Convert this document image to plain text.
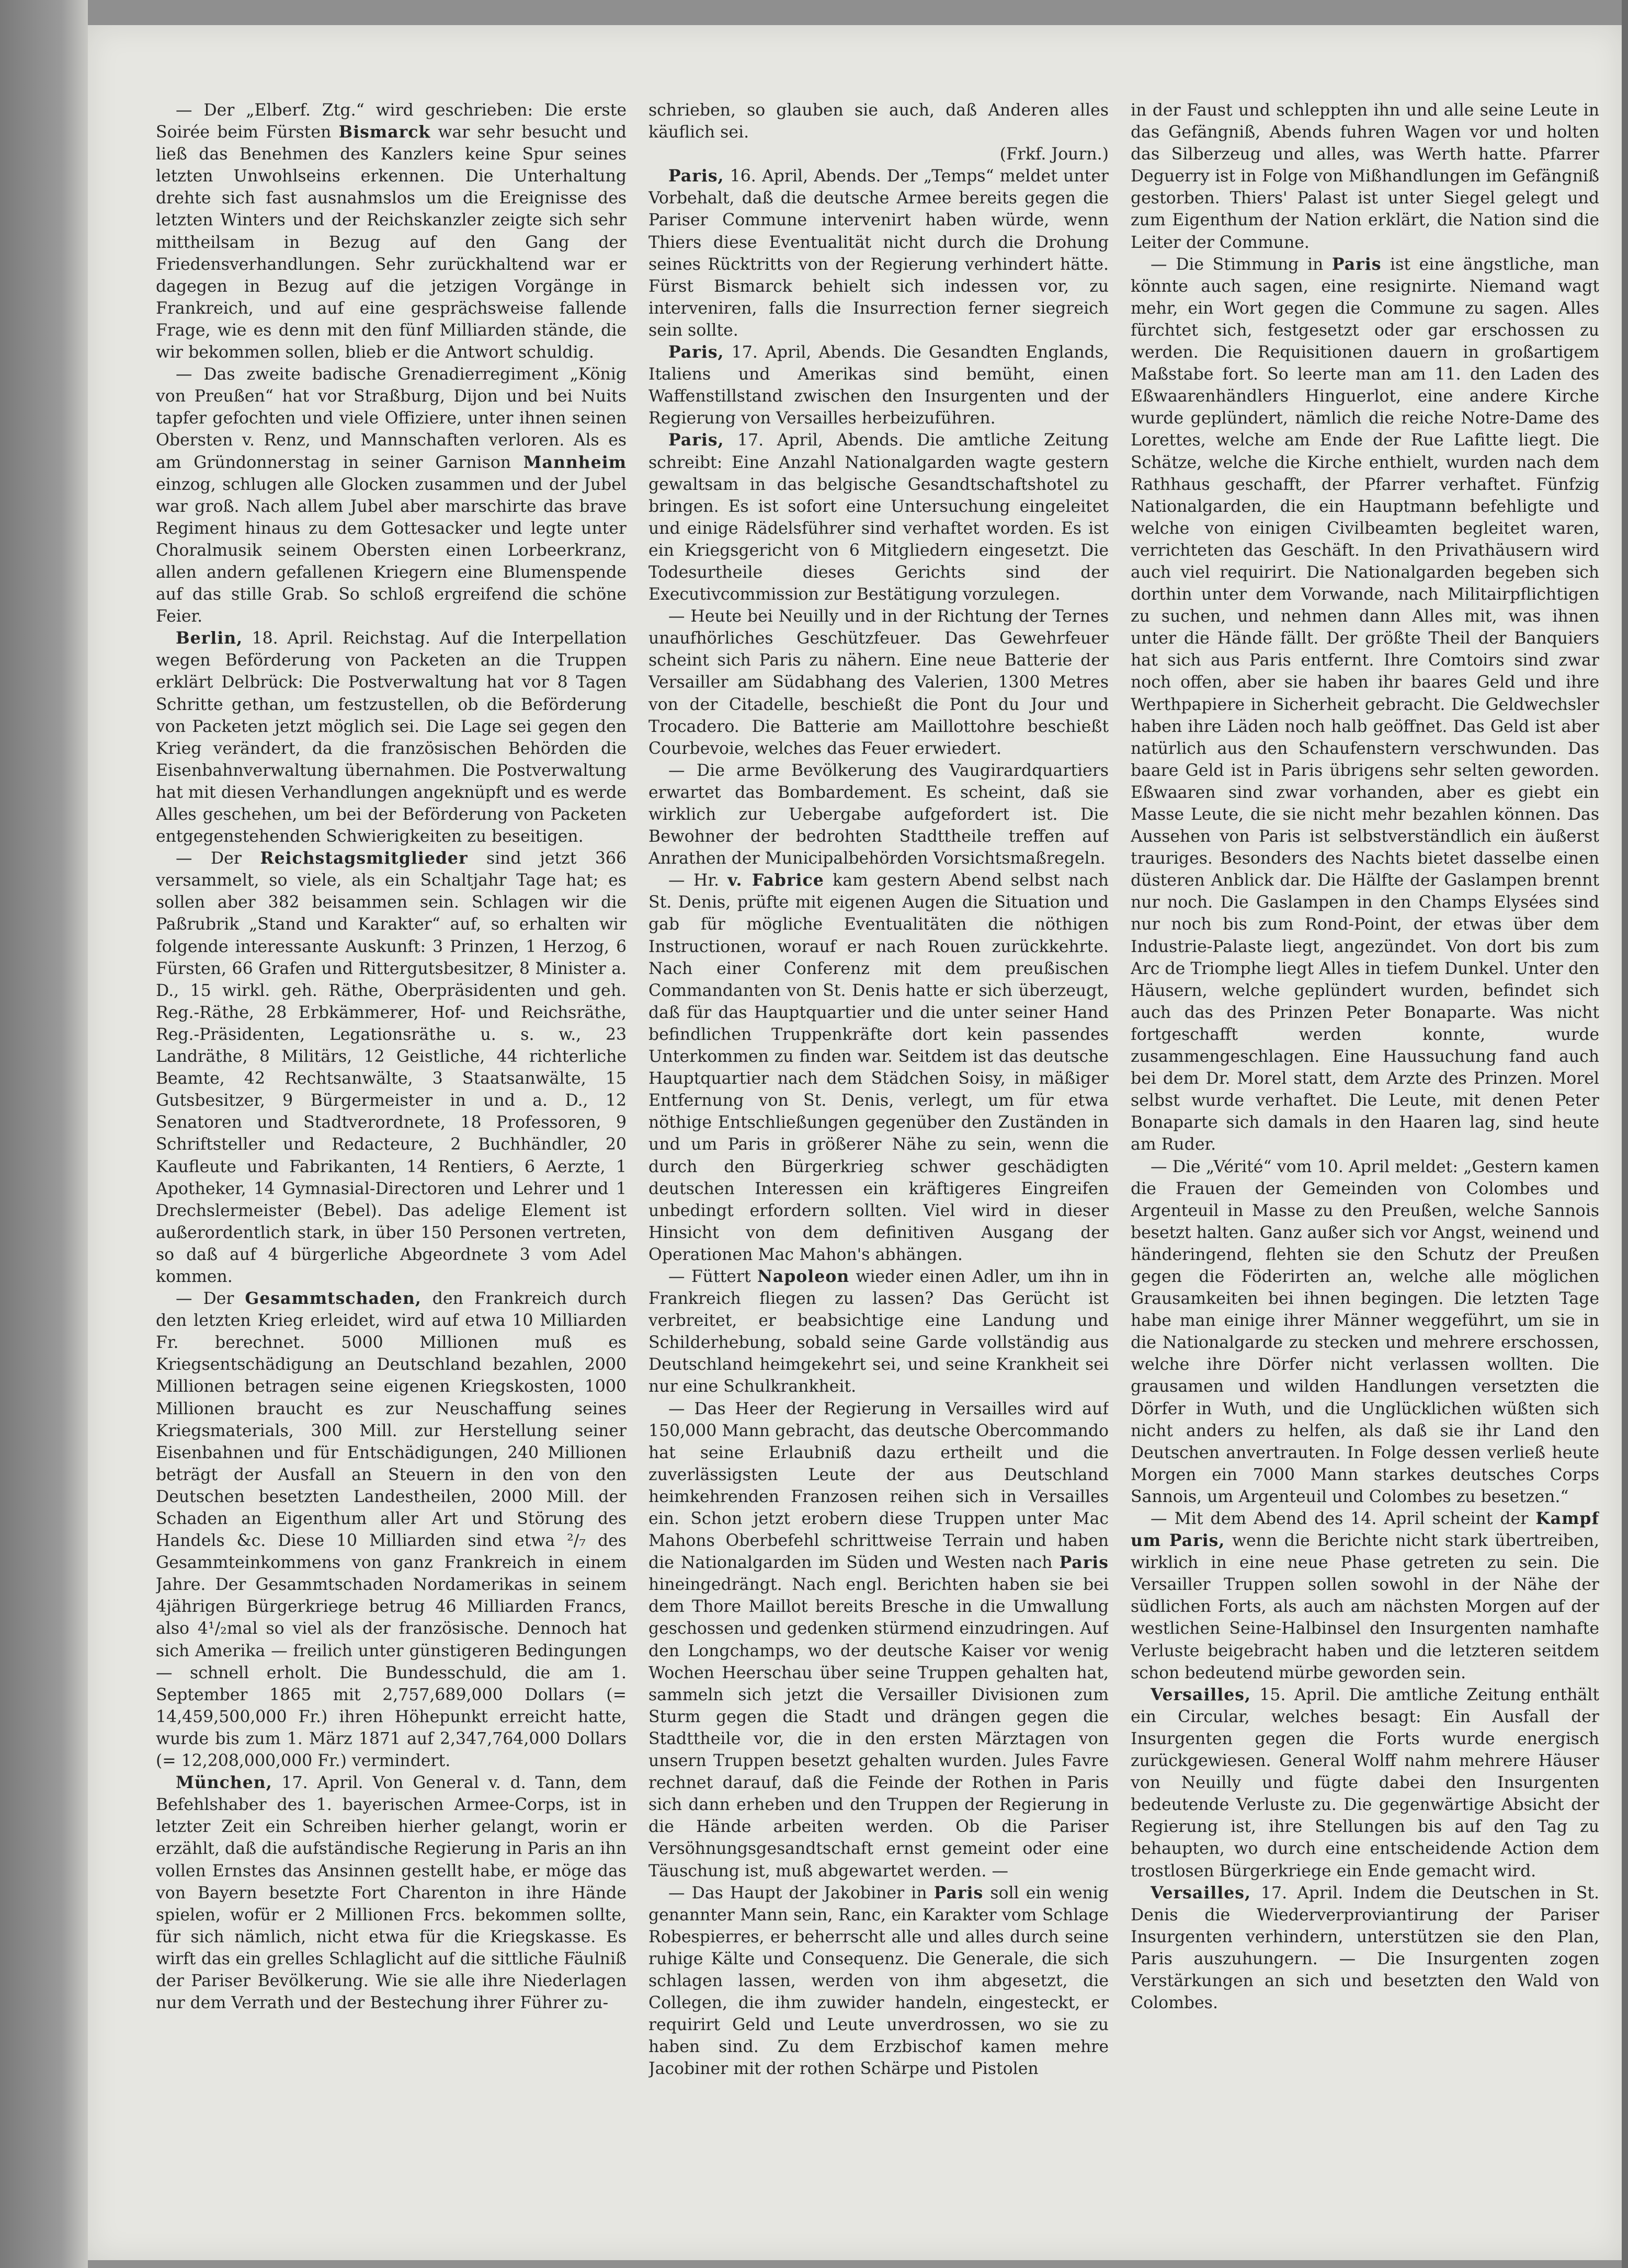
— Der „Elberf. Ztg.“ wird geschrieben: Die erste Soirée beim Fürsten Bismarck war sehr besucht und ließ das Benehmen des Kanzlers keine Spur seines letzten Unwohlseins erkennen. Die Unterhaltung drehte sich fast ausnahmslos um die Ereignisse des letzten Winters und der Reichskanzler zeigte sich sehr mittheilsam in Bezug auf den Gang der Friedensverhandlungen. Sehr zurückhaltend war er dagegen in Bezug auf die jetzigen Vorgänge in Frankreich, und auf eine gesprächsweise fallende Frage, wie es denn mit den fünf Milliarden stände, die wir bekommen sollen, blieb er die Antwort schuldig.

— Das zweite badische Grenadierregiment „König von Preußen“ hat vor Straßburg, Dijon und bei Nuits tapfer gefochten und viele Offiziere, unter ihnen seinen Obersten v. Renz, und Mannschaften verloren. Als es am Gründonnerstag in seiner Garnison Mannheim einzog, schlugen alle Glocken zusammen und der Jubel war groß. Nach allem Jubel aber marschirte das brave Regiment hinaus zu dem Gottesacker und legte unter Choralmusik seinem Obersten einen Lorbeerkranz, allen andern gefallenen Kriegern eine Blumenspende auf das stille Grab. So schloß ergreifend die schöne Feier.

Berlin, 18. April. Reichstag. Auf die Interpellation wegen Beförderung von Packeten an die Truppen erklärt Delbrück: Die Postverwaltung hat vor 8 Tagen Schritte gethan, um festzustellen, ob die Beförderung von Packeten jetzt möglich sei. Die Lage sei gegen den Krieg verändert, da die französischen Behörden die Eisenbahnverwaltung übernahmen. Die Postverwaltung hat mit diesen Verhandlungen angeknüpft und es werde Alles geschehen, um bei der Beförderung von Packeten entgegenstehenden Schwierigkeiten zu beseitigen.

— Der Reichstagsmitglieder sind jetzt 366 versammelt, so viele, als ein Schaltjahr Tage hat; es sollen aber 382 beisammen sein. Schlagen wir die Paßrubrik „Stand und Karakter“ auf, so erhalten wir folgende interessante Auskunft: 3 Prinzen, 1 Herzog, 6 Fürsten, 66 Grafen und Rittergutsbesitzer, 8 Minister a. D., 15 wirkl. geh. Räthe, Oberpräsidenten und geh. Reg.-Räthe, 28 Erbkämmerer, Hof- und Reichsräthe, Reg.-Präsidenten, Legationsräthe u. s. w., 23 Landräthe, 8 Militärs, 12 Geistliche, 44 richterliche Beamte, 42 Rechtsanwälte, 3 Staatsanwälte, 15 Gutsbesitzer, 9 Bürgermeister in und a. D., 12 Senatoren und Stadtverordnete, 18 Professoren, 9 Schriftsteller und Redacteure, 2 Buchhändler, 20 Kaufleute und Fabrikanten, 14 Rentiers, 6 Aerzte, 1 Apotheker, 14 Gymnasial-Directoren und Lehrer und 1 Drechslermeister (Bebel). Das adelige Element ist außerordentlich stark, in über 150 Personen vertreten, so daß auf 4 bürgerliche Abgeordnete 3 vom Adel kommen.

— Der Gesammtschaden, den Frankreich durch den letzten Krieg erleidet, wird auf etwa 10 Milliarden Fr. berechnet. 5000 Millionen muß es Kriegsentschädigung an Deutschland bezahlen, 2000 Millionen betragen seine eigenen Kriegskosten, 1000 Millionen braucht es zur Neuschaffung seines Kriegsmaterials, 300 Mill. zur Herstellung seiner Eisenbahnen und für Entschädigungen, 240 Millionen beträgt der Ausfall an Steuern in den von den Deutschen besetzten Landestheilen, 2000 Mill. der Schaden an Eigenthum aller Art und Störung des Handels &c. Diese 10 Milliarden sind etwa ²/₇ des Gesammteinkommens von ganz Frankreich in einem Jahre. Der Gesammtschaden Nordamerikas in seinem 4jährigen Bürgerkriege betrug 46 Milliarden Francs, also 4¹/₂mal so viel als der französische. Dennoch hat sich Amerika — freilich unter günstigeren Bedingungen — schnell erholt. Die Bundesschuld, die am 1. September 1865 mit 2,757,689,000 Dollars (= 14,459,500,000 Fr.) ihren Höhepunkt erreicht hatte, wurde bis zum 1. März 1871 auf 2,347,764,000 Dollars (= 12,208,000,000 Fr.) vermindert.

München, 17. April. Von General v. d. Tann, dem Befehlshaber des 1. bayerischen Armee-Corps, ist in letzter Zeit ein Schreiben hierher gelangt, worin er erzählt, daß die aufständische Regierung in Paris an ihn vollen Ernstes das Ansinnen gestellt habe, er möge das von Bayern besetzte Fort Charenton in ihre Hände spielen, wofür er 2 Millionen Frcs. bekommen sollte, für sich nämlich, nicht etwa für die Kriegskasse. Es wirft das ein grelles Schlaglicht auf die sittliche Fäulniß der Pariser Bevölkerung. Wie sie alle ihre Niederlagen nur dem Verrath und der Bestechung ihrer Führer zu-

schrieben, so glauben sie auch, daß Anderen alles käuflich sei.
(Frkf. Journ.)

Paris, 16. April, Abends. Der „Temps“ meldet unter Vorbehalt, daß die deutsche Armee bereits gegen die Pariser Commune intervenirt haben würde, wenn Thiers diese Eventualität nicht durch die Drohung seines Rücktritts von der Regierung verhindert hätte. Fürst Bismarck behielt sich indessen vor, zu interveniren, falls die Insurrection ferner siegreich sein sollte.

Paris, 17. April, Abends. Die Gesandten Englands, Italiens und Amerikas sind bemüht, einen Waffenstillstand zwischen den Insurgenten und der Regierung von Versailles herbeizuführen.

Paris, 17. April, Abends. Die amtliche Zeitung schreibt: Eine Anzahl Nationalgarden wagte gestern gewaltsam in das belgische Gesandtschaftshotel zu bringen. Es ist sofort eine Untersuchung eingeleitet und einige Rädelsführer sind verhaftet worden. Es ist ein Kriegsgericht von 6 Mitgliedern eingesetzt. Die Todesurtheile dieses Gerichts sind der Executivcommission zur Bestätigung vorzulegen.

— Heute bei Neuilly und in der Richtung der Ternes unaufhörliches Geschützfeuer. Das Gewehrfeuer scheint sich Paris zu nähern. Eine neue Batterie der Versailler am Südabhang des Valerien, 1300 Metres von der Citadelle, beschießt die Pont du Jour und Trocadero. Die Batterie am Maillottohre beschießt Courbevoie, welches das Feuer erwiedert.

— Die arme Bevölkerung des Vaugirardquartiers erwartet das Bombardement. Es scheint, daß sie wirklich zur Uebergabe aufgefordert ist. Die Bewohner der bedrohten Stadttheile treffen auf Anrathen der Municipalbehörden Vorsichtsmaßregeln.

— Hr. v. Fabrice kam gestern Abend selbst nach St. Denis, prüfte mit eigenen Augen die Situation und gab für mögliche Eventualitäten die nöthigen Instructionen, worauf er nach Rouen zurückkehrte. Nach einer Conferenz mit dem preußischen Commandanten von St. Denis hatte er sich überzeugt, daß für das Hauptquartier und die unter seiner Hand befindlichen Truppenkräfte dort kein passendes Unterkommen zu finden war. Seitdem ist das deutsche Hauptquartier nach dem Städchen Soisy, in mäßiger Entfernung von St. Denis, verlegt, um für etwa nöthige Entschließungen gegenüber den Zuständen in und um Paris in größerer Nähe zu sein, wenn die durch den Bürgerkrieg schwer geschädigten deutschen Interessen ein kräftigeres Eingreifen unbedingt erfordern sollten. Viel wird in dieser Hinsicht von dem definitiven Ausgang der Operationen Mac Mahon's abhängen.

— Füttert Napoleon wieder einen Adler, um ihn in Frankreich fliegen zu lassen? Das Gerücht ist verbreitet, er beabsichtige eine Landung und Schilderhebung, sobald seine Garde vollständig aus Deutschland heimgekehrt sei, und seine Krankheit sei nur eine Schulkrankheit.

— Das Heer der Regierung in Versailles wird auf 150,000 Mann gebracht, das deutsche Obercommando hat seine Erlaubniß dazu ertheilt und die zuverlässigsten Leute der aus Deutschland heimkehrenden Franzosen reihen sich in Versailles ein. Schon jetzt erobern diese Truppen unter Mac Mahons Oberbefehl schrittweise Terrain und haben die Nationalgarden im Süden und Westen nach Paris hineingedrängt. Nach engl. Berichten haben sie bei dem Thore Maillot bereits Bresche in die Umwallung geschossen und gedenken stürmend einzudringen. Auf den Longchamps, wo der deutsche Kaiser vor wenig Wochen Heerschau über seine Truppen gehalten hat, sammeln sich jetzt die Versailler Divisionen zum Sturm gegen die Stadt und drängen gegen die Stadttheile vor, die in den ersten Märztagen von unsern Truppen besetzt gehalten wurden. Jules Favre rechnet darauf, daß die Feinde der Rothen in Paris sich dann erheben und den Truppen der Regierung in die Hände arbeiten werden. Ob die Pariser Versöhnungsgesandtschaft ernst gemeint oder eine Täuschung ist, muß abgewartet werden. —

— Das Haupt der Jakobiner in Paris soll ein wenig genannter Mann sein, Ranc, ein Karakter vom Schlage Robespierres, er beherrscht alle und alles durch seine ruhige Kälte und Consequenz. Die Generale, die sich schlagen lassen, werden von ihm abgesetzt, die Collegen, die ihm zuwider handeln, eingesteckt, er requirirt Geld und Leute unverdrossen, wo sie zu haben sind. Zu dem Erzbischof kamen mehre Jacobiner mit der rothen Schärpe und Pistolen

in der Faust und schleppten ihn und alle seine Leute in das Gefängniß, Abends fuhren Wagen vor und holten das Silberzeug und alles, was Werth hatte. Pfarrer Deguerry ist in Folge von Mißhandlungen im Gefängniß gestorben. Thiers' Palast ist unter Siegel gelegt und zum Eigenthum der Nation erklärt, die Nation sind die Leiter der Commune.

— Die Stimmung in Paris ist eine ängstliche, man könnte auch sagen, eine resignirte. Niemand wagt mehr, ein Wort gegen die Commune zu sagen. Alles fürchtet sich, festgesetzt oder gar erschossen zu werden. Die Requisitionen dauern in großartigem Maßstabe fort. So leerte man am 11. den Laden des Eßwaarenhändlers Hinguerlot, eine andere Kirche wurde geplündert, nämlich die reiche Notre-Dame des Lorettes, welche am Ende der Rue Lafitte liegt. Die Schätze, welche die Kirche enthielt, wurden nach dem Rathhaus geschafft, der Pfarrer verhaftet. Fünfzig Nationalgarden, die ein Hauptmann befehligte und welche von einigen Civilbeamten begleitet waren, verrichteten das Geschäft. In den Privathäusern wird auch viel requirirt. Die Nationalgarden begeben sich dorthin unter dem Vorwande, nach Militairpflichtigen zu suchen, und nehmen dann Alles mit, was ihnen unter die Hände fällt. Der größte Theil der Banquiers hat sich aus Paris entfernt. Ihre Comtoirs sind zwar noch offen, aber sie haben ihr baares Geld und ihre Werthpapiere in Sicherheit gebracht. Die Geldwechsler haben ihre Läden noch halb geöffnet. Das Geld ist aber natürlich aus den Schaufenstern verschwunden. Das baare Geld ist in Paris übrigens sehr selten geworden. Eßwaaren sind zwar vorhanden, aber es giebt ein Masse Leute, die sie nicht mehr bezahlen können. Das Aussehen von Paris ist selbstverständlich ein äußerst trauriges. Besonders des Nachts bietet dasselbe einen düsteren Anblick dar. Die Hälfte der Gaslampen brennt nur noch. Die Gaslampen in den Champs Elysées sind nur noch bis zum Rond-Point, der etwas über dem Industrie-Palaste liegt, angezündet. Von dort bis zum Arc de Triomphe liegt Alles in tiefem Dunkel. Unter den Häusern, welche geplündert wurden, befindet sich auch das des Prinzen Peter Bonaparte. Was nicht fortgeschafft werden konnte, wurde zusammengeschlagen. Eine Haussuchung fand auch bei dem Dr. Morel statt, dem Arzte des Prinzen. Morel selbst wurde verhaftet. Die Leute, mit denen Peter Bonaparte sich damals in den Haaren lag, sind heute am Ruder.

— Die „Vérité“ vom 10. April meldet: „Gestern kamen die Frauen der Gemeinden von Colombes und Argenteuil in Masse zu den Preußen, welche Sannois besetzt halten. Ganz außer sich vor Angst, weinend und händeringend, flehten sie den Schutz der Preußen gegen die Föderirten an, welche alle möglichen Grausamkeiten bei ihnen begingen. Die letzten Tage habe man einige ihrer Männer weggeführt, um sie in die Nationalgarde zu stecken und mehrere erschossen, welche ihre Dörfer nicht verlassen wollten. Die grausamen und wilden Handlungen versetzten die Dörfer in Wuth, und die Unglücklichen wüßten sich nicht anders zu helfen, als daß sie ihr Land den Deutschen anvertrauten. In Folge dessen verließ heute Morgen ein 7000 Mann starkes deutsches Corps Sannois, um Argenteuil und Colombes zu besetzen.“

— Mit dem Abend des 14. April scheint der Kampf um Paris, wenn die Berichte nicht stark übertreiben, wirklich in eine neue Phase getreten zu sein. Die Versailler Truppen sollen sowohl in der Nähe der südlichen Forts, als auch am nächsten Morgen auf der westlichen Seine-Halbinsel den Insurgenten namhafte Verluste beigebracht haben und die letzteren seitdem schon bedeutend mürbe geworden sein.

Versailles, 15. April. Die amtliche Zeitung enthält ein Circular, welches besagt: Ein Ausfall der Insurgenten gegen die Forts wurde energisch zurückgewiesen. General Wolff nahm mehrere Häuser von Neuilly und fügte dabei den Insurgenten bedeutende Verluste zu. Die gegenwärtige Absicht der Regierung ist, ihre Stellungen bis auf den Tag zu behaupten, wo durch eine entscheidende Action dem trostlosen Bürgerkriege ein Ende gemacht wird.

Versailles, 17. April. Indem die Deutschen in St. Denis die Wiederverproviantirung der Pariser Insurgenten verhindern, unterstützen sie den Plan, Paris auszuhungern. — Die Insurgenten zogen Verstärkungen an sich und besetzten den Wald von Colombes.
